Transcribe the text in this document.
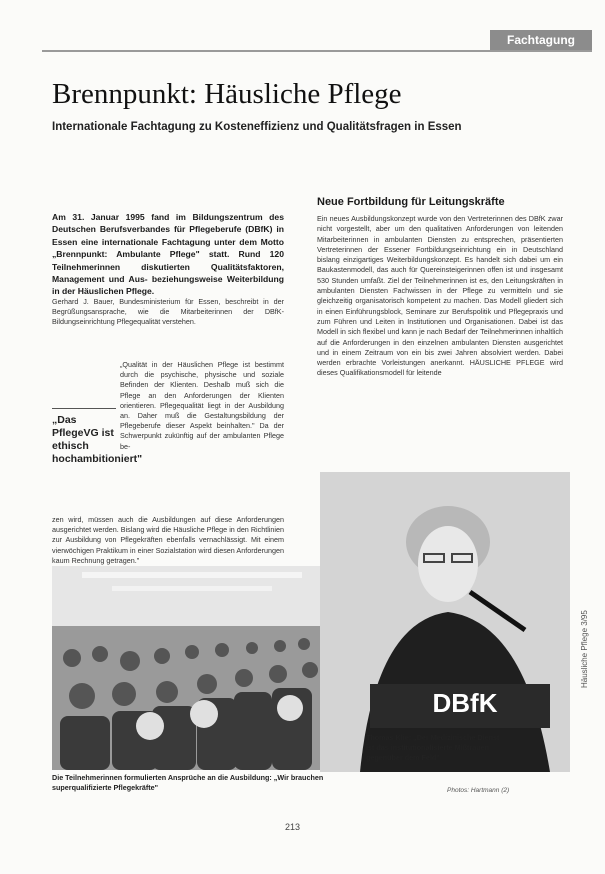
Fachtagung
Brennpunkt: Häusliche Pflege
Internationale Fachtagung zu Kosteneffizienz und Qualitätsfragen in Essen
Am 31. Januar 1995 fand im Bildungszentrum des Deutschen Berufsverbandes für Pflegeberufe (DBfK) in Essen eine internationale Fachtagung unter dem Motto „Brennpunkt: Ambulante Pflege" statt. Rund 120 Teilnehmerinnen diskutierten Qualitätsfaktoren, Management und Aus- beziehungsweise Weiterbildung in der Häuslichen Pflege.

Gerhard J. Bauer, Bundesministerium für Essen, beschreibt in der Begrüßungsansprache, wie die Mitarbeiterinnen der DBfK-Bildungseinrichtung Pflegequalität verstehen.

„Das PflegeVG ist ethisch hochambitioniert"

„Qualität in der Häuslichen Pflege ist bestimmt durch die psychische, physische und soziale Befinden der Klienten. Deshalb muß sich die Pflege an den Anforderungen der Klienten orientieren. Pflegequalität liegt in der Ausbildung an. Daher muß die Gestaltungsbildung der Pflegeberufe dieser Aspekt beinhalten." Da der Schwerpunkt zukünftig auf der ambulanten Pflege be-

zen wird, müssen auch die Ausbildungen auf diese Anforderungen ausgerichtet werden. Bislang wird die Häusliche Pflege in den Richtlinien zur Ausbildung von Pflegekräften ebenfalls vernachlässigt. Mit einem vierwöchigen Praktikum in einer Sozialstation wird diesen Anforderungen kaum Rechnung getragen."

Neue Fortbildung für Leitungskräfte

Ein neues Ausbildungskonzept wurde von den Vertreterinnen des DBfK zwar nicht vorgestellt, aber um den qualitativen Anforderungen von leitenden Mitarbeiterinnen in ambulanten Diensten zu entsprechen, präsentierten Vertreterinnen der Essener Fortbildungseinrichtung ein in Deutschland bislang einzigartiges Weiterbildungskonzept. Es handelt sich dabei um ein Baukastenmodell, das auch für Quereinsteigerinnen offen ist und insgesamt 530 Stunden umfaßt. Ziel der Teilnehmerinnen ist es, den Leitungskräften in ambulanten Diensten Fachwissen in der Pflege zu vermitteln und sie gleichzeitig organisatorisch kompetent zu machen. Das Modell gliedert sich in einen Einführungsblock, Seminare zur Berufspolitik und Pflegepraxis und zum Führen und Leiten in Institutionen und Organisationen. Dabei ist das Modell in sich flexibel und kann je nach Bedarf der Teilnehmerinnen inhaltlich auf die Anforderungen in den einzelnen ambulanten Diensten ausgerichtet und in einem Zeitraum von ein bis zwei Jahren absolviert werden. Dabei werden erbrachte Vorleistungen anerkannt. HÄUSLICHE PFLEGE wird dieses Qualifikationsmodell für leitende

DBfK
Die Teilnehmerinnen formulierten Ansprüche an die Ausbildung: „Wir brauchen superqualifizierte Pflegekräfte"
Thomas Klie: „Der Medizinische Dienst ist das institutionalisierte Mißtrauen gegenüber dem Feld"
Photos: Hartmann (2)
Häusliche Pflege 3/95
213
